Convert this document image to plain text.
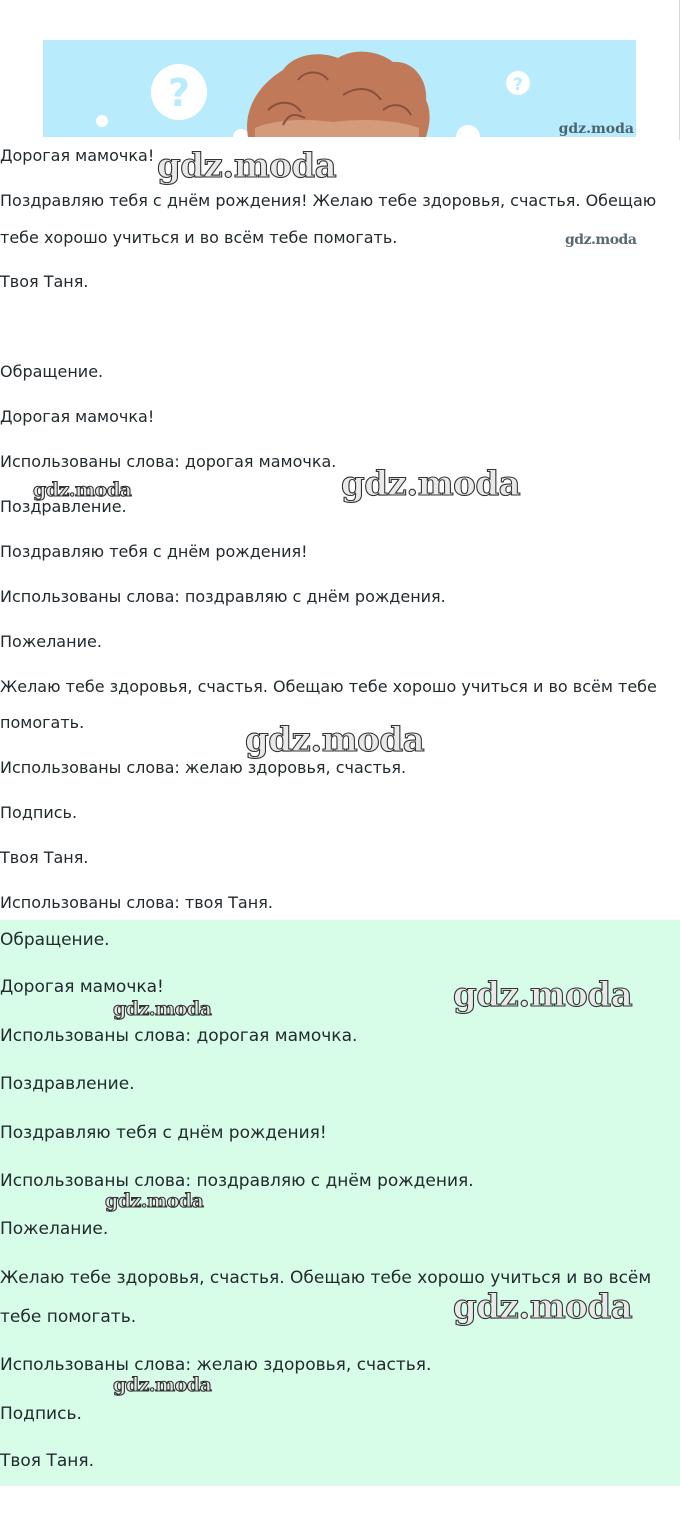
?	?
gdz.moda
Дорогая мамочка!
Поздравляю тебя с днём рождения! Желаю тебе здоровья, счастья. Обещаю
тебе хорошо учиться и во всём тебе помогать.
Твоя Таня.
Обращение.
Дорогая мамочка!
Использованы слова: дорогая мамочка.
Поздравление.
Поздравляю тебя с днём рождения!
Использованы слова: поздравляю с днём рождения.
Пожелание.
Желаю тебе здоровья, счастья. Обещаю тебе хорошо учиться и во всём тебе
помогать.
Использованы слова: желаю здоровья, счастья.
Подпись.
Твоя Таня.
Использованы слова: твоя Таня.
Обращение.
Дорогая мамочка!
Использованы слова: дорогая мамочка.
Поздравление.
Поздравляю тебя с днём рождения!
Использованы слова: поздравляю с днём рождения.
Пожелание.
Желаю тебе здоровья, счастья. Обещаю тебе хорошо учиться и во всём
тебе помогать.
Использованы слова: желаю здоровья, счастья.
Подпись.
Твоя Таня.
gdz.moda
gdz.moda
gdz.moda
gdz.moda
gdz.moda
gdz.moda
gdz.moda
gdz.moda
gdz.moda
gdz.moda
